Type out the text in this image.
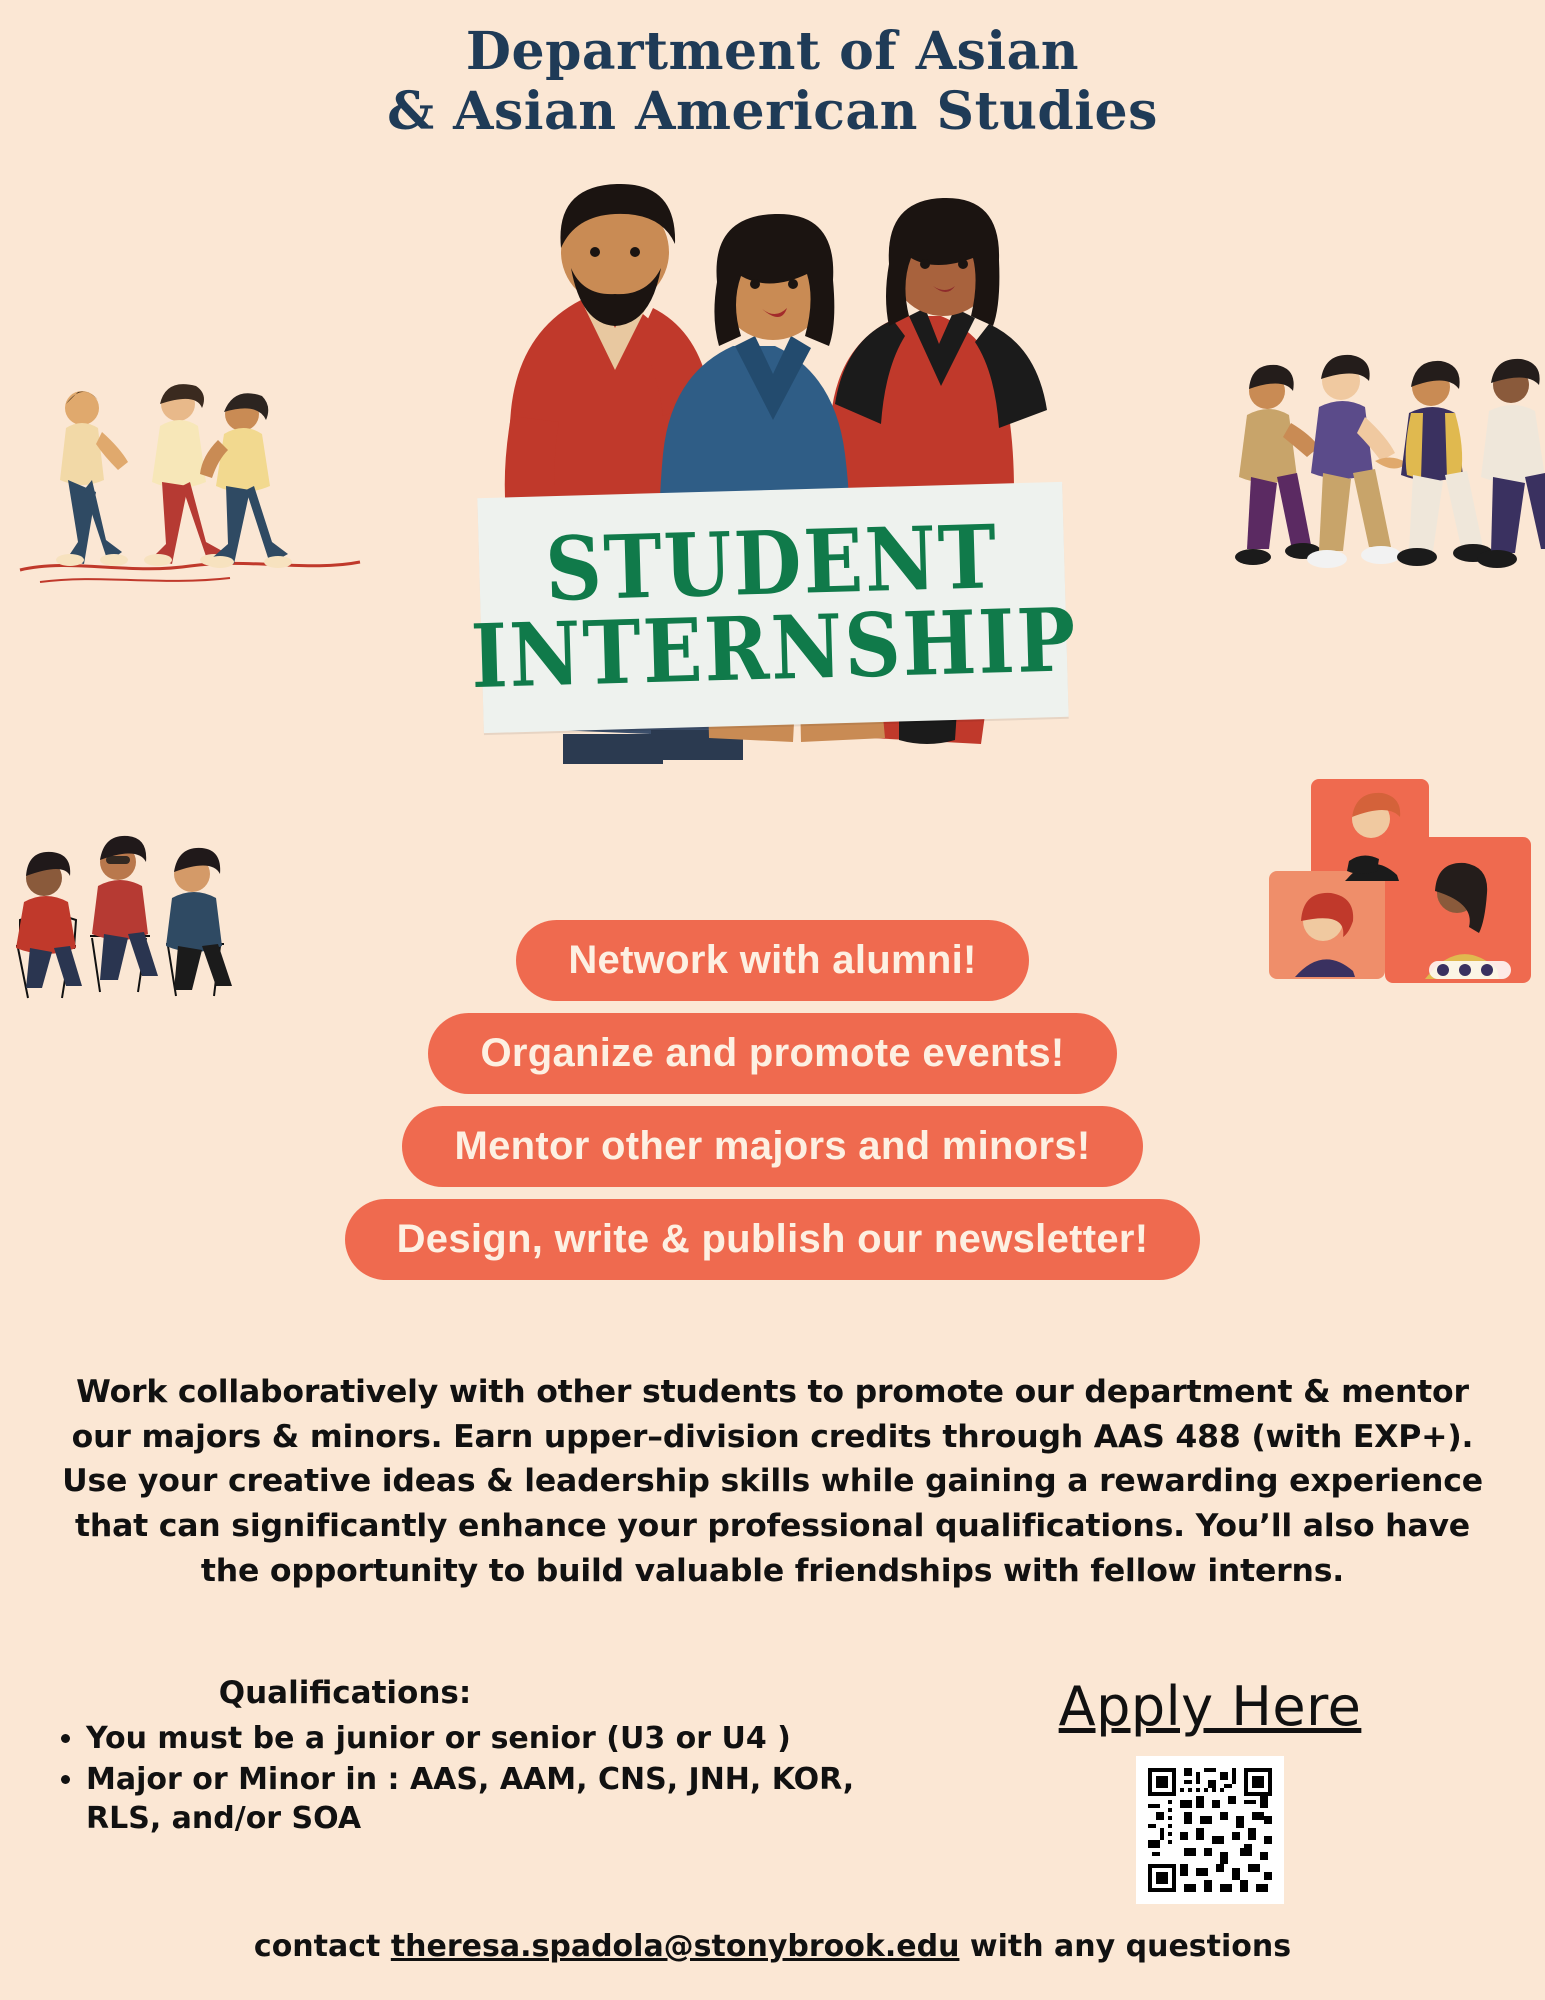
Department of Asian
& Asian American Studies
STUDENT
INTERNSHIP
Network with alumni!
Organize and promote events!
Mentor other majors and minors!
Design, write & publish our newsletter!
Work collaboratively with other students to promote our department & mentor our majors & minors. Earn upper–division credits through AAS 488 (with EXP+). Use your creative ideas & leadership skills while gaining a rewarding experience that can significantly enhance your professional qualifications. You’ll also have the opportunity to build valuable friendships with fellow interns.
Qualifications:
• You must be a junior or senior (U3 or U4 )
• Major or Minor in : AAS, AAM, CNS, JNH, KOR, RLS, and/or SOA
Apply Here
contact theresa.spadola@stonybrook.edu with any questions
